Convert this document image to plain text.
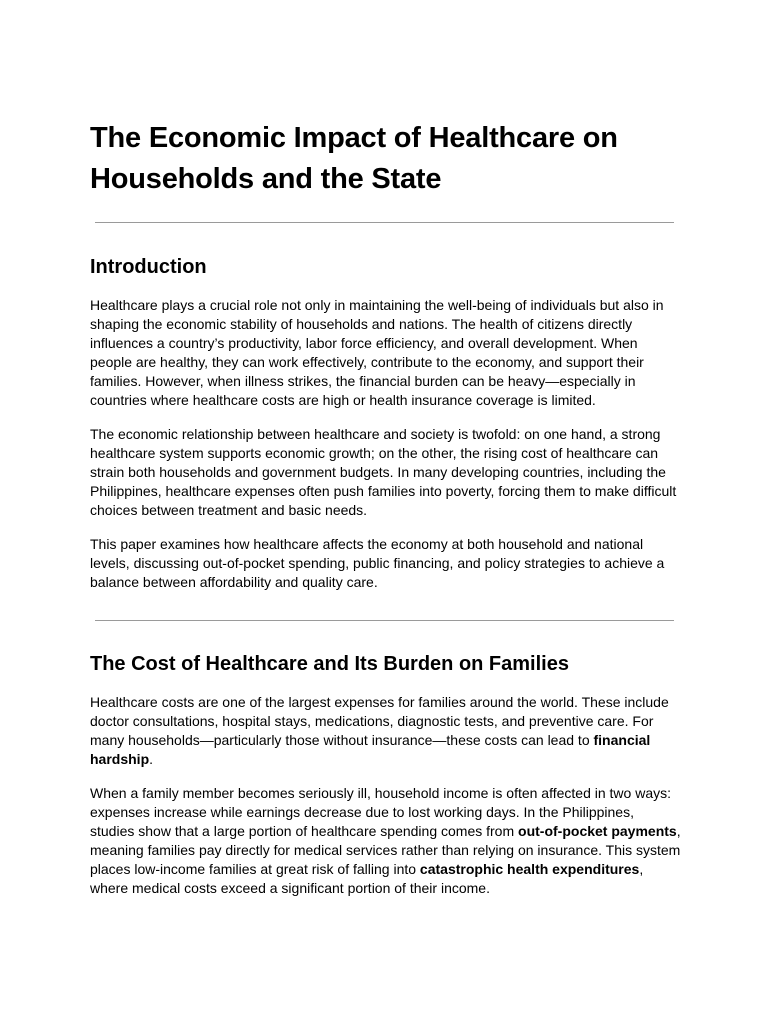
The Economic Impact of Healthcare on Households and the State
Introduction

Healthcare plays a crucial role not only in maintaining the well-being of individuals but also in shaping the economic stability of households and nations. The health of citizens directly influences a country’s productivity, labor force efficiency, and overall development. When people are healthy, they can work effectively, contribute to the economy, and support their families. However, when illness strikes, the financial burden can be heavy—especially in countries where healthcare costs are high or health insurance coverage is limited.

The economic relationship between healthcare and society is twofold: on one hand, a strong healthcare system supports economic growth; on the other, the rising cost of healthcare can strain both households and government budgets. In many developing countries, including the Philippines, healthcare expenses often push families into poverty, forcing them to make difficult choices between treatment and basic needs.

This paper examines how healthcare affects the economy at both household and national levels, discussing out-of-pocket spending, public financing, and policy strategies to achieve a balance between affordability and quality care.

The Cost of Healthcare and Its Burden on Families

Healthcare costs are one of the largest expenses for families around the world. These include doctor consultations, hospital stays, medications, diagnostic tests, and preventive care. For many households—particularly those without insurance—these costs can lead to financial hardship.

When a family member becomes seriously ill, household income is often affected in two ways: expenses increase while earnings decrease due to lost working days. In the Philippines, studies show that a large portion of healthcare spending comes from out-of-pocket payments, meaning families pay directly for medical services rather than relying on insurance. This system places low-income families at great risk of falling into catastrophic health expenditures, where medical costs exceed a significant portion of their income.
